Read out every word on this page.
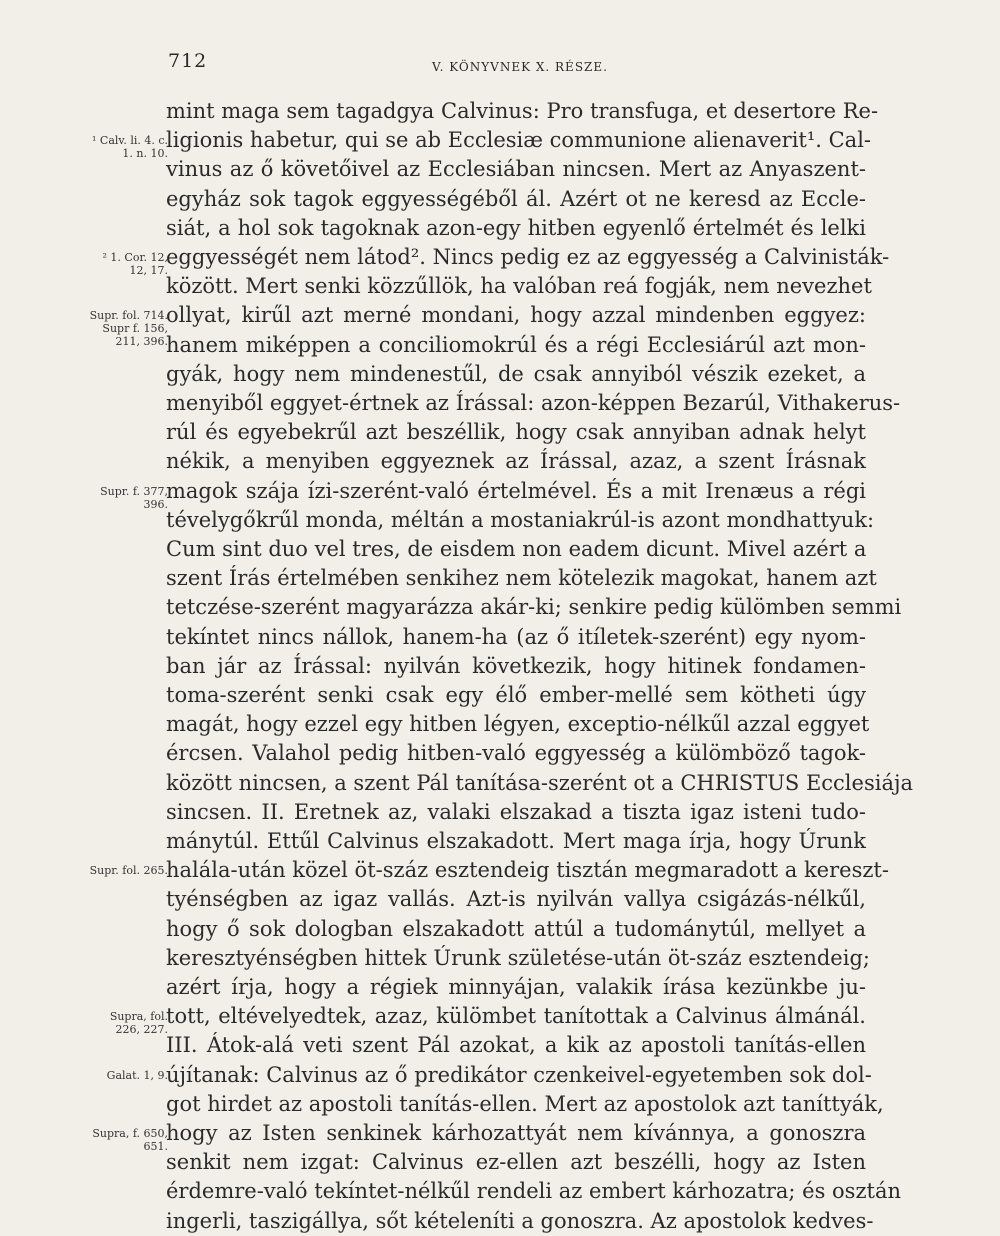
712	V. KÖNYVNEK X. RÉSZE.
mint maga sem tagadgya Calvinus: Pro transfuga, et desertore Re-
ligionis habetur, qui se ab Ecclesiæ communione alienaverit¹. Cal-
vinus az ő követőivel az Ecclesiában nincsen. Mert az Anyaszent-
egyház sok tagok eggyességéből ál. Azért ot ne keresd az Eccle-
siát, a hol sok tagoknak azon-egy hitben egyenlő értelmét és lelki
eggyességét nem látod². Nincs pedig ez az eggyesség a Calvinisták-
között. Mert senki közzűllök, ha valóban reá fogják, nem nevezhet
ollyat, kirűl azt merné mondani, hogy azzal mindenben eggyez:
hanem miképpen a conciliomokrúl és a régi Ecclesiárúl azt mon-
gyák, hogy nem mindenestűl, de csak annyiból vészik ezeket, a
menyiből eggyet-értnek az Írással: azon-képpen Bezarúl, Vithakerus-
rúl és egyebekrűl azt beszéllik, hogy csak annyiban adnak helyt
nékik, a menyiben eggyeznek az Írással, azaz, a szent Írásnak
magok szája ízi-szerént-való értelmével. És a mit Irenæus a régi
tévelygőkrűl monda, méltán a mostaniakrúl-is azont mondhattyuk:
Cum sint duo vel tres, de eisdem non eadem dicunt. Mivel azért a
szent Írás értelmében senkihez nem kötelezik magokat, hanem azt
tetczése-szerént magyarázza akár-ki; senkire pedig külömben semmi
tekíntet nincs nállok, hanem-ha (az ő itíletek-szerént) egy nyom-
ban jár az Írással: nyilván következik, hogy hitinek fondamen-
toma-szerént senki csak egy élő ember-mellé sem kötheti úgy
magát, hogy ezzel egy hitben légyen, exceptio-nélkűl azzal eggyet
ércsen. Valahol pedig hitben-való eggyesség a külömböző tagok-
között nincsen, a szent Pál tanítása-szerént ot a CHRISTUS Ecclesiája
sincsen. II. Eretnek az, valaki elszakad a tiszta igaz isteni tudo-
mánytúl. Ettűl Calvinus elszakadott. Mert maga írja, hogy Úrunk
halála-után közel öt-száz esztendeig tisztán megmaradott a kereszt-
tyénségben az igaz vallás. Azt-is nyilván vallya csigázás-nélkűl,
hogy ő sok dologban elszakadott attúl a tudománytúl, mellyet a
keresztyénségben hittek Úrunk születése-után öt-száz esztendeig;
azért írja, hogy a régiek minnyájan, valakik írása kezünkbe ju-
tott, eltévelyedtek, azaz, külömbet tanítottak a Calvinus álmánál.
III. Átok-alá veti szent Pál azokat, a kik az apostoli tanítás-ellen
újítanak: Calvinus az ő predikátor czenkeivel-egyetemben sok dol-
got hirdet az apostoli tanítás-ellen. Mert az apostolok azt taníttyák,
hogy az Isten senkinek kárhozattyát nem kívánnya, a gonoszra
senkit nem izgat: Calvinus ez-ellen azt beszélli, hogy az Isten
érdemre-való tekíntet-nélkűl rendeli az embert kárhozatra; és osztán
ingerli, taszigállya, sőt kételeníti a gonoszra. Az apostolok kedves-
¹ Calv. li. 4. c.
1. n. 10.
² 1. Cor. 12,
12, 17.
Supr. fol. 714.
Supr f. 156,
211, 396.
Supr. f. 377,
396.
Supr. fol. 265.
Supra, fol.
226, 227.
Galat. 1, 9.
Supra, f. 650,
651.
